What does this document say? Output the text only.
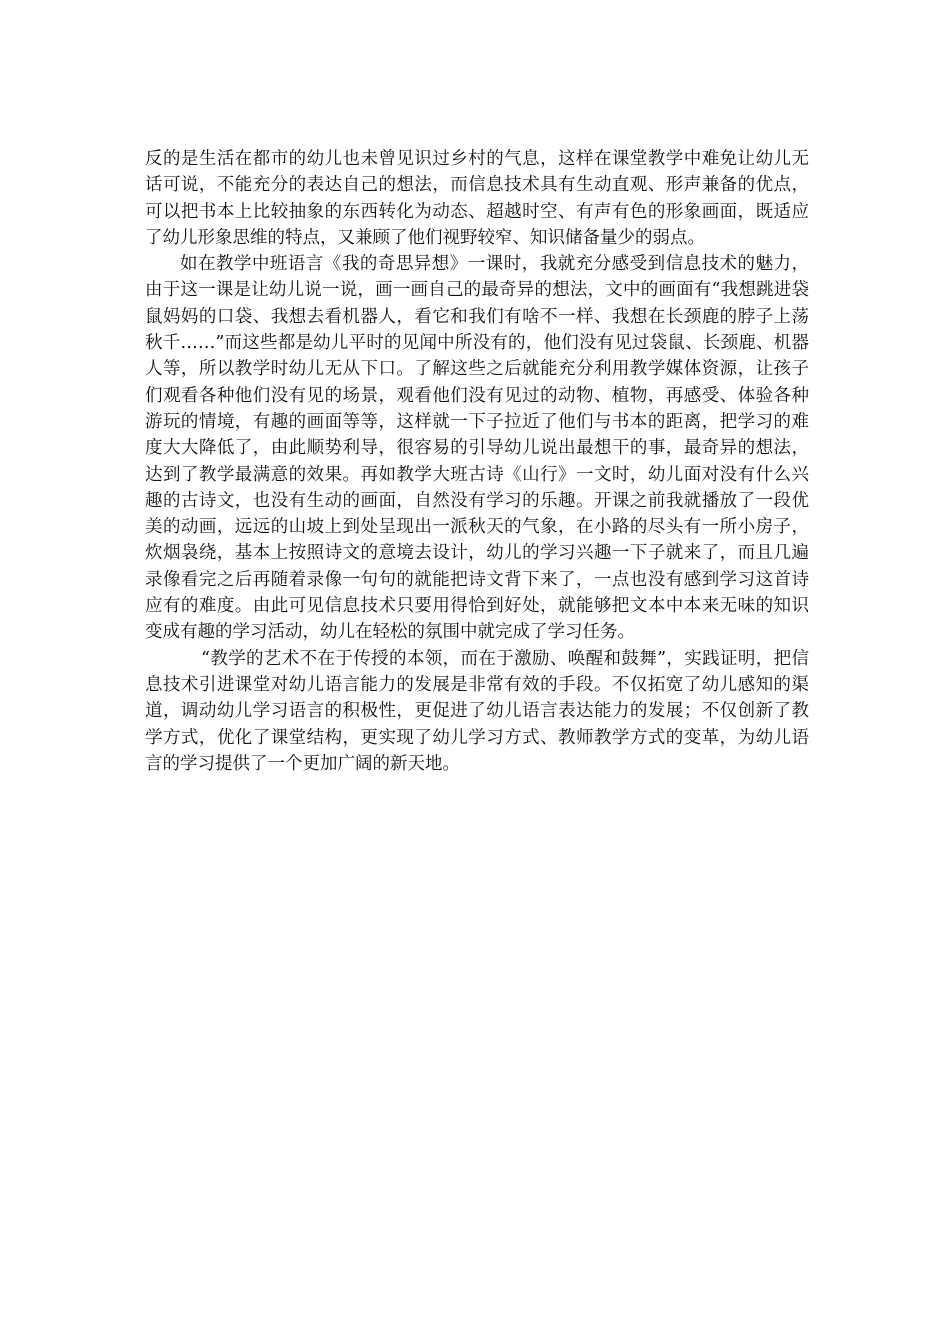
反的是生活在都市的幼儿也未曾见识过乡村的气息，这样在课堂教学中难免让幼儿无话可说，不能充分的表达自己的想法，而信息技术具有生动直观、形声兼备的优点，可以把书本上比较抽象的东西转化为动态、超越时空、有声有色的形象画面，既适应了幼儿形象思维的特点，又兼顾了他们视野较窄、知识储备量少的弱点。

如在教学中班语言《我的奇思异想》一课时，我就充分感受到信息技术的魅力，由于这一课是让幼儿说一说，画一画自己的最奇异的想法，文中的画面有“我想跳进袋鼠妈妈的口袋、我想去看机器人，看它和我们有啥不一样、我想在长颈鹿的脖子上荡秋千……”而这些都是幼儿平时的见闻中所没有的，他们没有见过袋鼠、长颈鹿、机器人等，所以教学时幼儿无从下口。了解这些之后就能充分利用教学媒体资源，让孩子们观看各种他们没有见的场景，观看他们没有见过的动物、植物，再感受、体验各种游玩的情境，有趣的画面等等，这样就一下子拉近了他们与书本的距离，把学习的难度大大降低了，由此顺势利导，很容易的引导幼儿说出最想干的事，最奇异的想法，达到了教学最满意的效果。再如教学大班古诗《山行》一文时，幼儿面对没有什么兴趣的古诗文，也没有生动的画面，自然没有学习的乐趣。开课之前我就播放了一段优美的动画，远远的山坡上到处呈现出一派秋天的气象，在小路的尽头有一所小房子，炊烟袅绕，基本上按照诗文的意境去设计，幼儿的学习兴趣一下子就来了，而且几遍录像看完之后再随着录像一句句的就能把诗文背下来了，一点也没有感到学习这首诗应有的难度。由此可见信息技术只要用得恰到好处，就能够把文本中本来无味的知识变成有趣的学习活动，幼儿在轻松的氛围中就完成了学习任务。

“教学的艺术不在于传授的本领，而在于激励、唤醒和鼓舞”，实践证明，把信息技术引进课堂对幼儿语言能力的发展是非常有效的手段。不仅拓宽了幼儿感知的渠道，调动幼儿学习语言的积极性，更促进了幼儿语言表达能力的发展；不仅创新了教学方式，优化了课堂结构，更实现了幼儿学习方式、教师教学方式的变革，为幼儿语言的学习提供了一个更加广阔的新天地。
